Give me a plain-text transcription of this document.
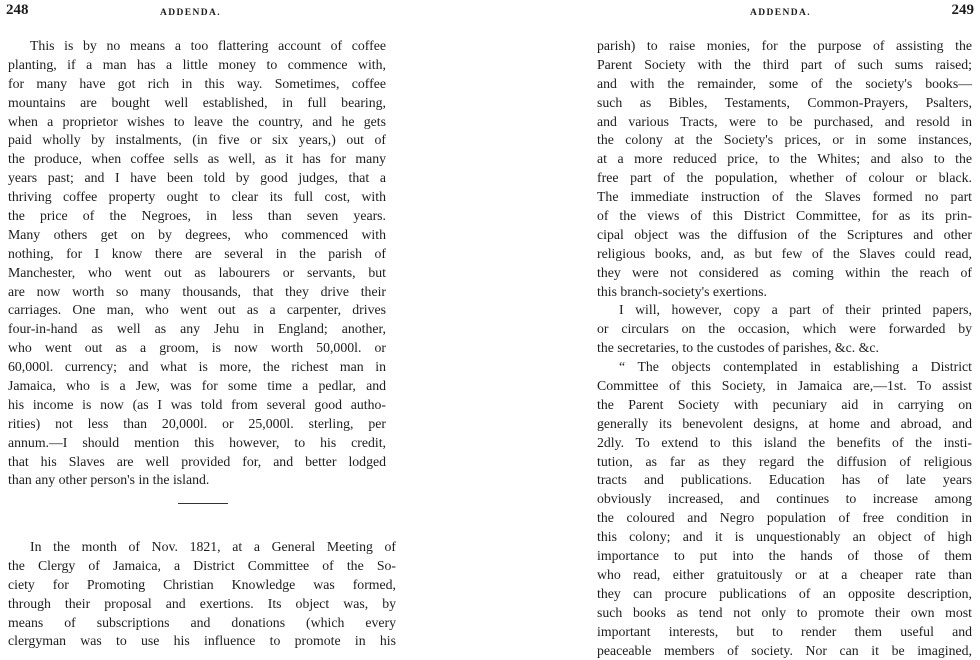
248	ADDENDA.
This is by no means a too flattering account of coffee
planting, if a man has a little money to commence with,
for many have got rich in this way. Sometimes, coffee
mountains are bought well established, in full bearing,
when a proprietor wishes to leave the country, and he gets
paid wholly by instalments, (in five or six years,) out of
the produce, when coffee sells as well, as it has for many
years past; and I have been told by good judges, that a
thriving coffee property ought to clear its full cost, with
the price of the Negroes, in less than seven years.
Many others get on by degrees, who commenced with
nothing, for I know there are several in the parish of
Manchester, who went out as labourers or servants, but
are now worth so many thousands, that they drive their
carriages. One man, who went out as a carpenter, drives
four-in-hand as well as any Jehu in England; another,
who went out as a groom, is now worth 50,000l. or
60,000l. currency; and what is more, the richest man in
Jamaica, who is a Jew, was for some time a pedlar, and
his income is now (as I was told from several good autho-
rities) not less than 20,000l. or 25,000l. sterling, per
annum.—I should mention this however, to his credit,
that his Slaves are well provided for, and better lodged
than any other person's in the island.
In the month of Nov. 1821, at a General Meeting of
the Clergy of Jamaica, a District Committee of the So-
ciety for Promoting Christian Knowledge was formed,
through their proposal and exertions. Its object was, by
means of subscriptions and donations (which every
clergyman was to use his influence to promote in his
249
ADDENDA.
parish) to raise monies, for the purpose of assisting the
Parent Society with the third part of such sums raised;
and with the remainder, some of the society's books—
such as Bibles, Testaments, Common-Prayers, Psalters,
and various Tracts, were to be purchased, and resold in
the colony at the Society's prices, or in some instances,
at a more reduced price, to the Whites; and also to the
free part of the population, whether of colour or black.
The immediate instruction of the Slaves formed no part
of the views of this District Committee, for as its prin-
cipal object was the diffusion of the Scriptures and other
religious books, and, as but few of the Slaves could read,
they were not considered as coming within the reach of
this branch-society's exertions.
I will, however, copy a part of their printed papers,
or circulars on the occasion, which were forwarded by
the secretaries, to the custodes of parishes, &c. &c.
“ The objects contemplated in establishing a District
Committee of this Society, in Jamaica are,—1st. To assist
the Parent Society with pecuniary aid in carrying on
generally its benevolent designs, at home and abroad, and
2dly. To extend to this island the benefits of the insti-
tution, as far as they regard the diffusion of religious
tracts and publications. Education has of late years
obviously increased, and continues to increase among
the coloured and Negro population of free condition in
this colony; and it is unquestionably an object of high
importance to put into the hands of those of them
who read, either gratuitously or at a cheaper rate than
they can procure publications of an opposite description,
such books as tend not only to promote their own most
important interests, but to render them useful and
peaceable members of society. Nor can it be imagined,
